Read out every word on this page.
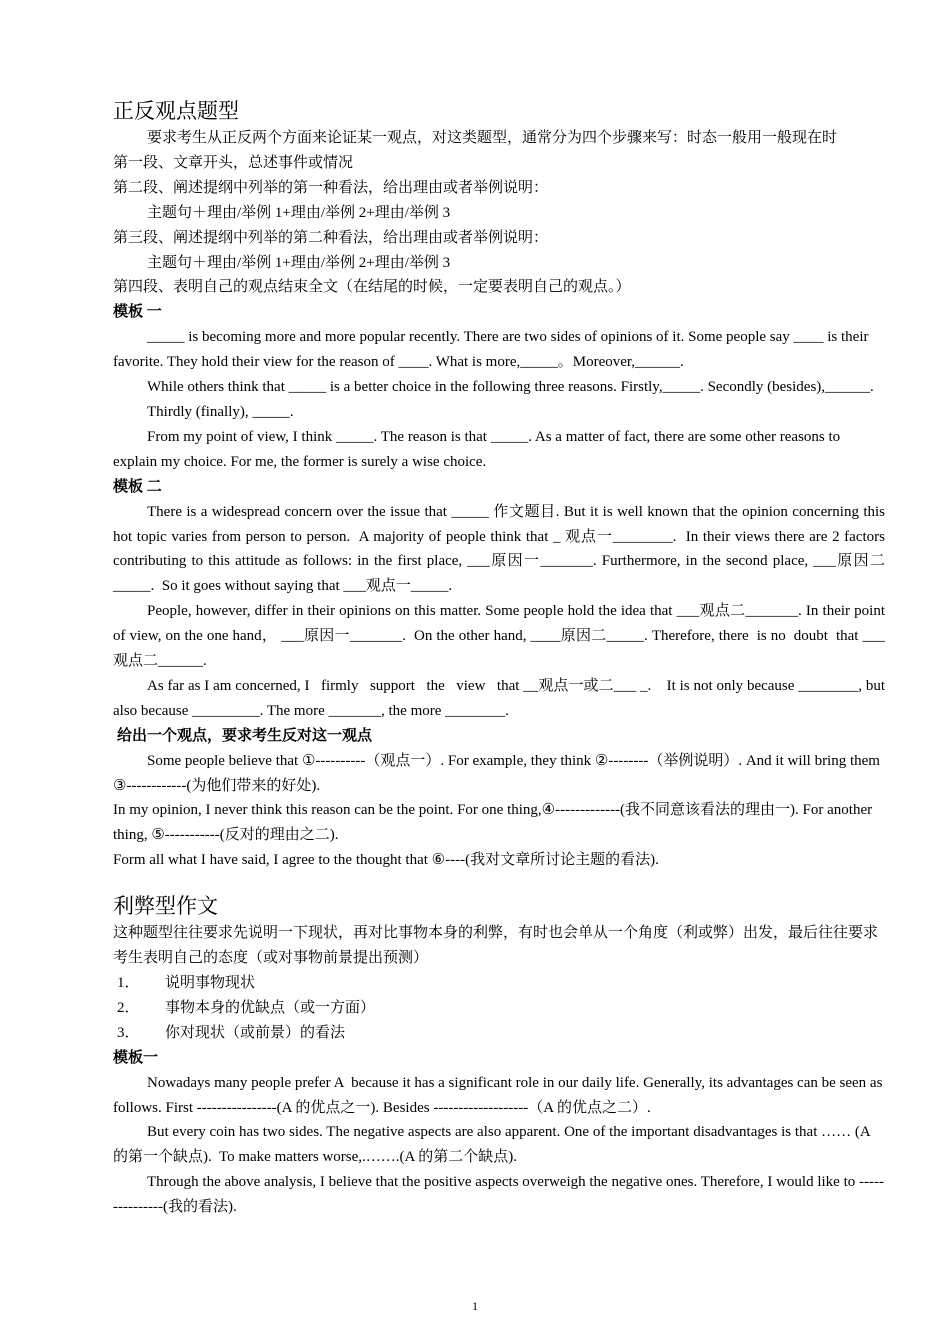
正反观点题型

要求考生从正反两个方面来论证某一观点，对这类题型，通常分为四个步骤来写：时态一般用一般现在时

第一段、文章开头，总述事件或情况

第二段、阐述提纲中列举的第一种看法，给出理由或者举例说明：

主题句＋理由/举例 1+理由/举例 2+理由/举例 3

第三段、阐述提纲中列举的第二种看法，给出理由或者举例说明：

主题句＋理由/举例 1+理由/举例 2+理由/举例 3

第四段、表明自己的观点结束全文（在结尾的时候，一定要表明自己的观点。）

模板 一

_____ is becoming more and more popular recently. There are two sides of opinions of it. Some people say ____ is their favorite. They hold their view for the reason of ____. What is more,_____。Moreover,______.

While others think that _____ is a better choice in the following three reasons. Firstly,_____. Secondly (besides),______. Thirdly (finally), _____.

From my point of view, I think _____. The reason is that _____. As a matter of fact, there are some other reasons to explain my choice. For me, the former is surely a wise choice.

模板 二

There is a widespread concern over the issue that _____ 作文题目. But it is well known that the opinion concerning this hot topic varies from person to person.  A majority of people think that _ 观点一________.  In their views there are 2 factors contributing to this attitude as follows: in the first place, ___原因一_______. Furthermore, in the second place, ___原因二_____.  So it goes without saying that ___观点一_____.

People, however, differ in their opinions on this matter. Some people hold the idea that ___观点二_______. In their point of view, on the one hand， ___原因一_______.  On the other hand, ____原因二_____. Therefore, there  is no  doubt  that ___观点二______.

As far as I am concerned, I   firmly   support   the   view   that __观点一或二___ _.    It is not only because ________, but also because _________. The more _______, the more ________.

给出一个观点，要求考生反对这一观点

Some people believe that ①----------（观点一）. For example, they think ②--------（举例说明）. And it will bring them ③------------(为他们带来的好处).

In my opinion, I never think this reason can be the point. For one thing,④-------------(我不同意该看法的理由一). For another thing, ⑤-----------(反对的理由之二).

Form all what I have said, I agree to the thought that ⑥----(我对文章所讨论主题的看法).

利弊型作文

这种题型往往要求先说明一下现状，再对比事物本身的利弊，有时也会单从一个角度（利或弊）出发，最后往往要求考生表明自己的态度（或对事物前景提出预测）

1． 说明事物现状

2． 事物本身的优缺点（或一方面）

3． 你对现状（或前景）的看法

模板一

Nowadays many people prefer A  because it has a significant role in our daily life. Generally, its advantages can be seen as follows. First ----------------(A 的优点之一). Besides -------------------（A 的优点之二）.

But every coin has two sides. The negative aspects are also apparent. One of the important disadvantages is that …… (A 的第一个缺点).  To make matters worse,.…….(A 的第二个缺点).

Through the above analysis, I believe that the positive aspects overweigh the negative ones. Therefore, I would like to ---------------(我的看法).

1
